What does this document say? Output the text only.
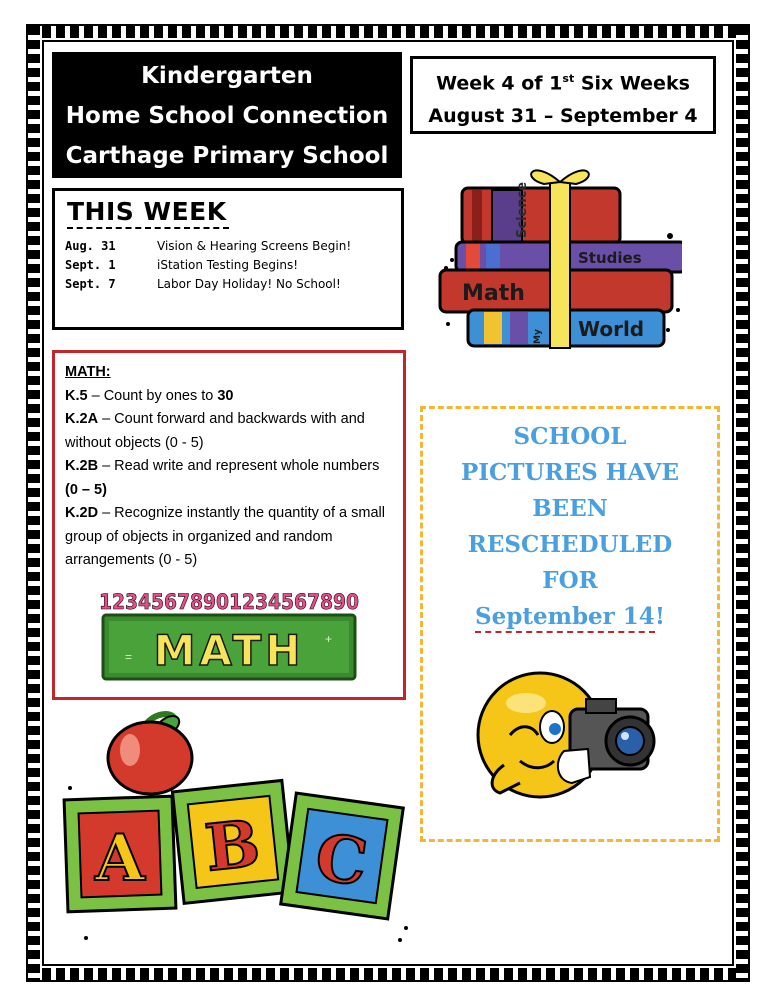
Kindergarten
Home School Connection
Carthage Primary School
Week 4 of 1st Six Weeks
August 31 – September 4
THIS WEEK
Aug. 31	Vision & Hearing Screens Begin!
Sept. 1	iStation Testing Begins!
Sept. 7	Labor Day Holiday! No School!
MATH:
K.5 – Count by ones to 30
K.2A – Count forward and backwards with and without objects (0 - 5)
K.2B – Read write and represent whole numbers (0 – 5)
K.2D – Recognize instantly the quantity of a small group of objects in organized and random arrangements (0 - 5)
12345678901234567890
MATH
=
+
Science
Studies
Math
My World
SCHOOL
PICTURES HAVE
BEEN
RESCHEDULED
FOR
September 14!
A B C
